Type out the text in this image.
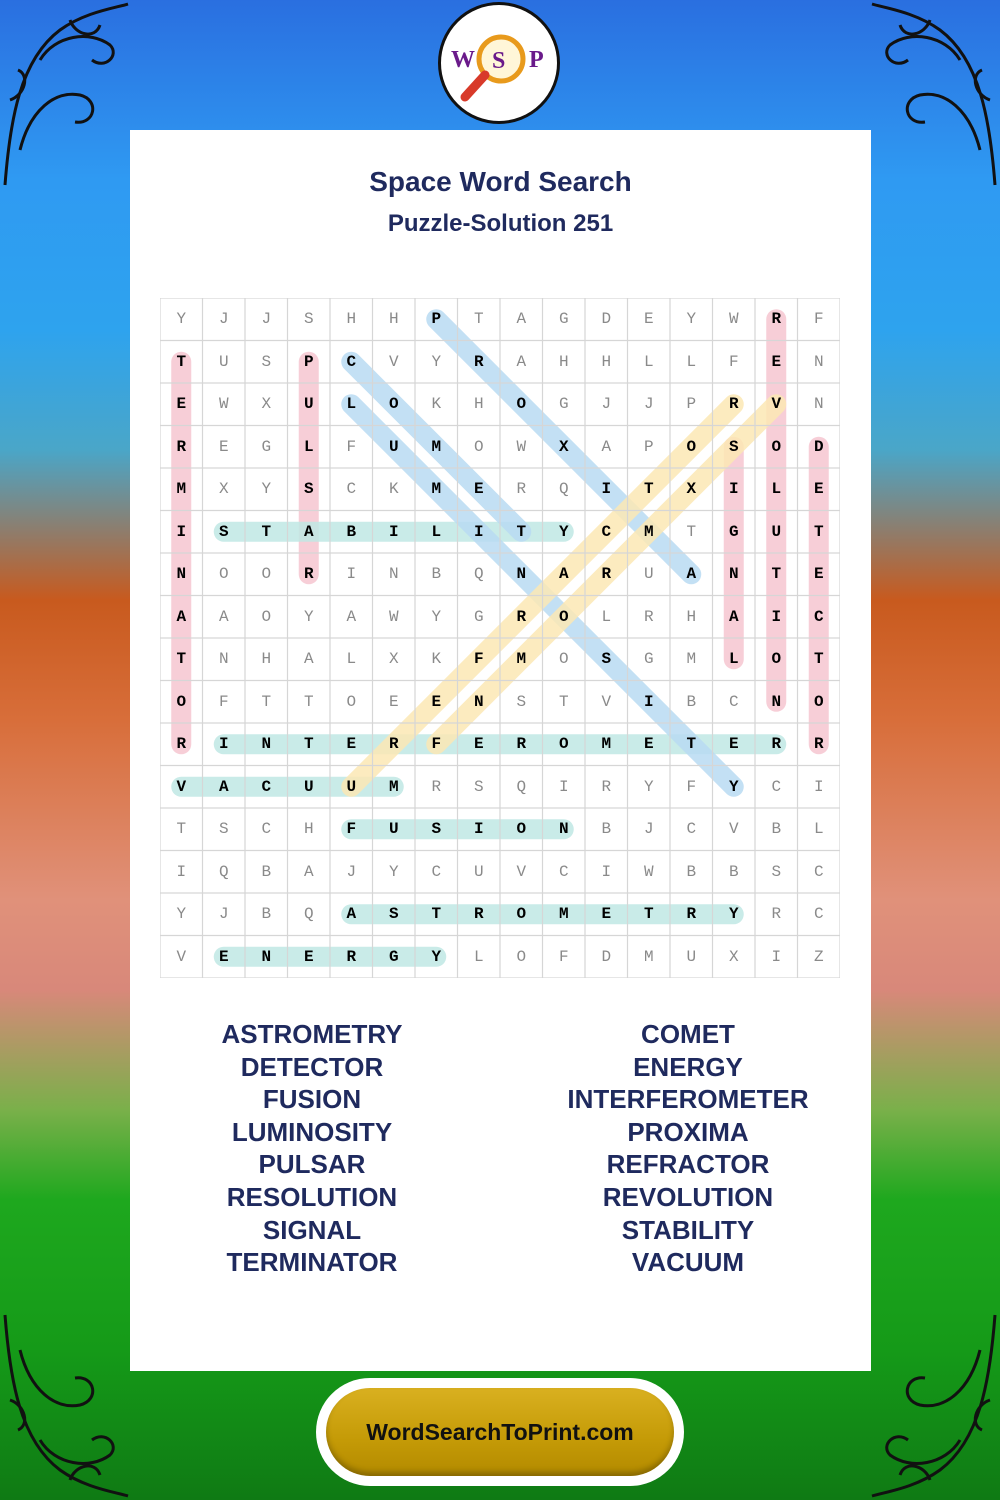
W S P
Space Word Search
Puzzle-Solution 251
Y	J	J	S	H	H	P	T	A	G	D	E	Y	W	R	F
T	U	S	P	C	V	Y	R	A	H	H	L	L	F	E	N
E	W	X	U	L	O	K	H	O	G	J	J	P	R	V	N
R	E	G	L	F	U	M	O	W	X	A	P	O	S	O	D
M	X	Y	S	C	K	M	E	R	Q	I	T	X	I	L	E
I	S	T	A	B	I	L	I	T	Y	C	M	T	G	U	T
N	O	O	R	I	N	B	Q	N	A	R	U	A	N	T	E
A	A	O	Y	A	W	Y	G	R	O	L	R	H	A	I	C
T	N	H	A	L	X	K	F	M	O	S	G	M	L	O	T
O	F	T	T	O	E	E	N	S	T	V	I	B	C	N	O
R	I	N	T	E	R	F	E	R	O	M	E	T	E	R	R
V	A	C	U	U	M	R	S	Q	I	R	Y	F	Y	C	I
T	S	C	H	F	U	S	I	O	N	B	J	C	V	B	L
I	Q	B	A	J	Y	C	U	V	C	I	W	B	B	S	C
Y	J	B	Q	A	S	T	R	O	M	E	T	R	Y	R	C
V	E	N	E	R	G	Y	L	O	F	D	M	U	X	I	Z
ASTROMETRY
DETECTOR
FUSION
LUMINOSITY
PULSAR
RESOLUTION
SIGNAL
TERMINATOR
COMET
ENERGY
INTERFEROMETER
PROXIMA
REFRACTOR
REVOLUTION
STABILITY
VACUUM
WordSearchToPrint.com
